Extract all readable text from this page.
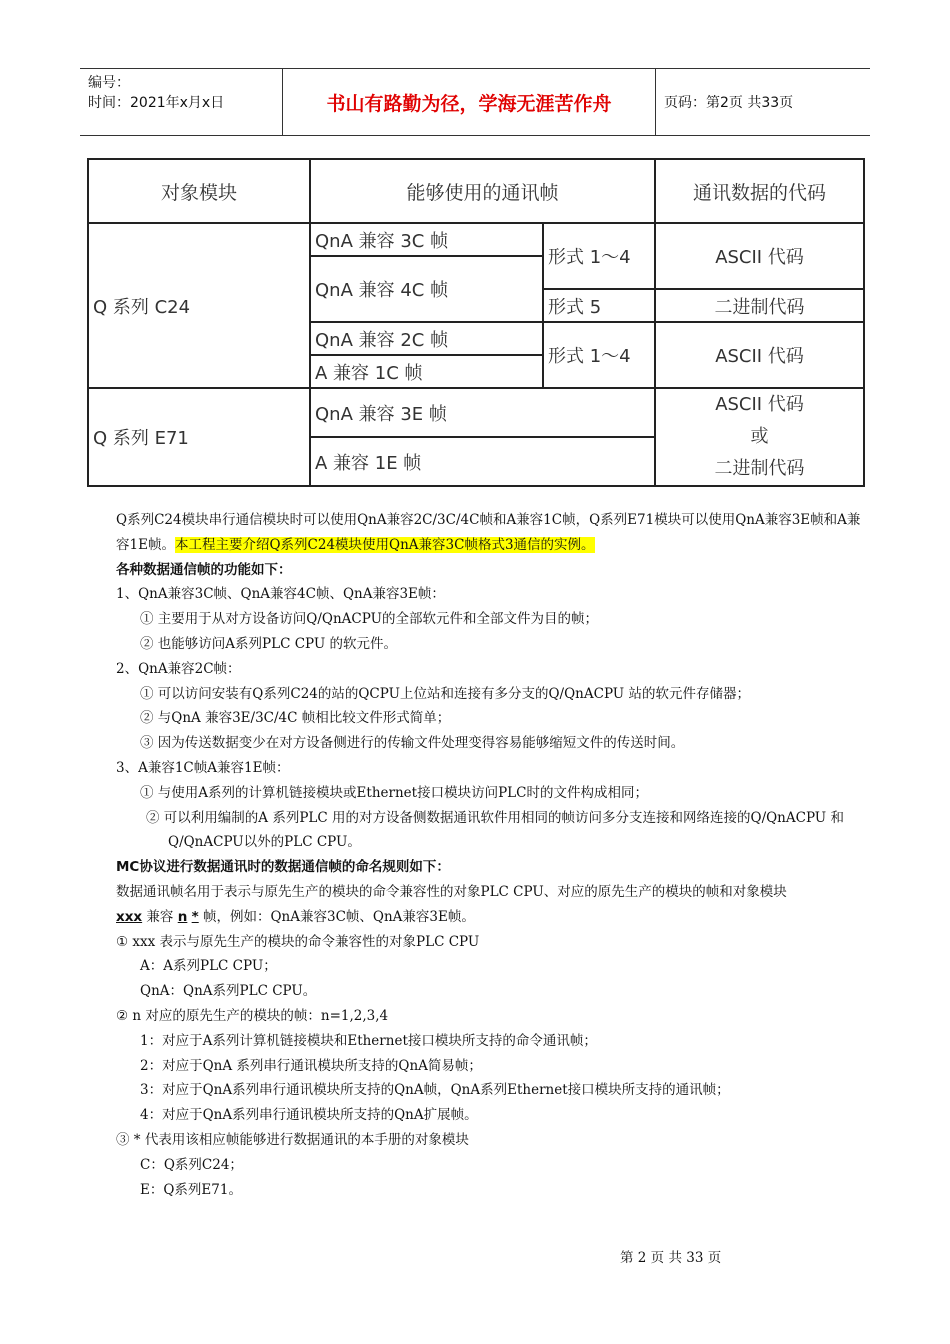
编号：
时间：2021年x月x日	书山有路勤为径，学海无涯苦作舟	页码：第2页 共33页
对象模块	能够使用的通讯帧		通讯数据的代码
Q 系列 C24	QnA 兼容 3C 帧	形式 1～4	ASCII 代码
	QnA 兼容 4C 帧		
		形式 5	二进制代码
	QnA 兼容 2C 帧	形式 1～4	ASCII 代码
	A 兼容 1C 帧		
Q 系列 E71	QnA 兼容 3E 帧		ASCII 代码
或
二进制代码

	A 兼容 1E 帧		

Q系列C24模块串行通信模块时可以使用QnA兼容2C/3C/4C帧和A兼容1C帧，Q系列E71模块可以使用QnA兼容3E帧和A兼容1E帧。本工程主要介绍Q系列C24模块使用QnA兼容3C帧格式3通信的实例。

各种数据通信帧的功能如下：

1、QnA兼容3C帧、QnA兼容4C帧、QnA兼容3E帧：

① 主要用于从对方设备访问Q/QnACPU的全部软元件和全部文件为目的帧；

② 也能够访问A系列PLC CPU 的软元件。

2、QnA兼容2C帧：

① 可以访问安装有Q系列C24的站的QCPU上位站和连接有多分支的Q/QnACPU 站的软元件存储器；

② 与QnA 兼容3E/3C/4C 帧相比较文件形式简单；

③ 因为传送数据变少在对方设备侧进行的传输文件处理变得容易能够缩短文件的传送时间。

3、A兼容1C帧A兼容1E帧：

① 与使用A系列的计算机链接模块或Ethernet接口模块访问PLC时的文件构成相同；

② 可以利用编制的A 系列PLC 用的对方设备侧数据通讯软件用相同的帧访问多分支连接和网络连接的Q/QnACPU 和Q/QnACPU以外的PLC CPU。

MC协议进行数据通讯时的数据通信帧的命名规则如下：

数据通讯帧名用于表示与原先生产的模块的命令兼容性的对象PLC CPU、对应的原先生产的模块的帧和对象模块

xxx 兼容 n * 帧，例如：QnA兼容3C帧、QnA兼容3E帧。

① xxx 表示与原先生产的模块的命令兼容性的对象PLC CPU

A：A系列PLC CPU；

QnA：QnA系列PLC CPU。

② n 对应的原先生产的模块的帧：n=1,2,3,4

1：对应于A系列计算机链接模块和Ethernet接口模块所支持的命令通讯帧；

2：对应于QnA 系列串行通讯模块所支持的QnA简易帧；

3：对应于QnA系列串行通讯模块所支持的QnA帧，QnA系列Ethernet接口模块所支持的通讯帧；

4：对应于QnA系列串行通讯模块所支持的QnA扩展帧。

③ * 代表用该相应帧能够进行数据通讯的本手册的对象模块

C：Q系列C24；

E：Q系列E71。

第 2 页 共 33 页
